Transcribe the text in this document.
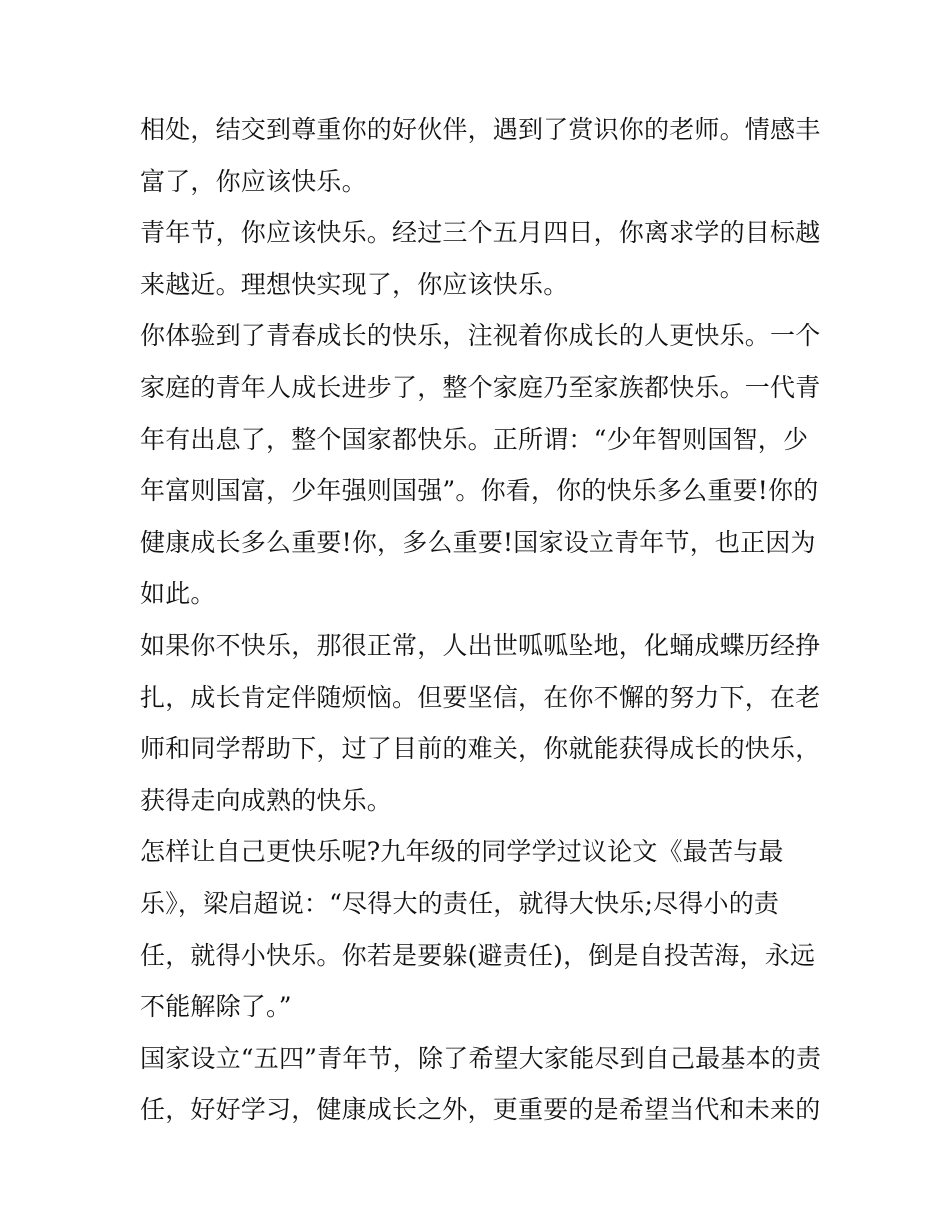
相处，结交到尊重你的好伙伴，遇到了赏识你的老师。情感丰
富了，你应该快乐。

青年节，你应该快乐。经过三个五月四日，你离求学的目标越
来越近。理想快实现了，你应该快乐。

你体验到了青春成长的快乐，注视着你成长的人更快乐。一个
家庭的青年人成长进步了，整个家庭乃至家族都快乐。一代青
年有出息了，整个国家都快乐。正所谓：“少年智则国智，少
年富则国富，少年强则国强”。你看，你的快乐多么重要!你的
健康成长多么重要!你，多么重要!国家设立青年节，也正因为
如此。

如果你不快乐，那很正常，人出世呱呱坠地，化蛹成蝶历经挣
扎，成长肯定伴随烦恼。但要坚信，在你不懈的努力下，在老
师和同学帮助下，过了目前的难关，你就能获得成长的快乐，
获得走向成熟的快乐。

怎样让自己更快乐呢?九年级的同学学过议论文《最苦与最
乐》，梁启超说：“尽得大的责任，就得大快乐;尽得小的责
任，就得小快乐。你若是要躲(避责任)，倒是自投苦海，永远
不能解除了。”

国家设立“五四”青年节，除了希望大家能尽到自己最基本的责
任，好好学习，健康成长之外，更重要的是希望当代和未来的
